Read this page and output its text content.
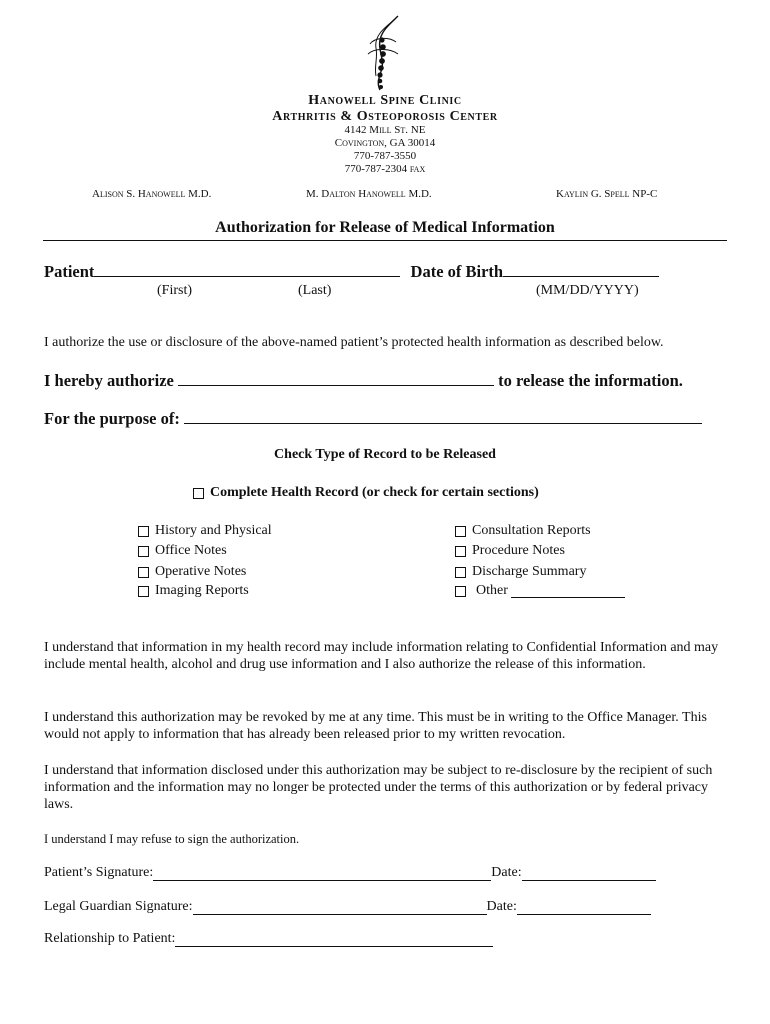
Hanowell Spine Clinic
Arthritis & Osteoporosis Center
4142 Mill St. NE
Covington, GA 30014
770-787-3550
770-787-2304 fax
Alison S. Hanowell M.D.	M. Dalton Hanowell M.D.	Kaylin G. Spell NP-C
Authorization for Release of Medical Information
Patient	Date of Birth
(First)	(Last)	(MM/DD/YYYY)
I authorize the use or disclosure of the above-named patient’s protected health information as described below.
I hereby authorize	to release the information.
For the purpose of:
Check Type of Record to be Released
Complete Health Record (or check for certain sections)
History and Physical
Office Notes
Operative Notes
Imaging Reports
Consultation Reports
Procedure Notes
Discharge Summary
Other
I understand that information in my health record may include information relating to Confidential Information and may include mental health, alcohol and drug use information and I also authorize the release of this information.
I understand this authorization may be revoked by me at any time. This must be in writing to the Office Manager. This would not apply to information that has already been released prior to my written revocation.
I understand that information disclosed under this authorization may be subject to re-disclosure by the recipient of such information and the information may no longer be protected under the terms of this authorization or by federal privacy laws.
I understand I may refuse to sign the authorization.
Patient’s Signature:	Date:
Legal Guardian Signature:	Date:
Relationship to Patient:
